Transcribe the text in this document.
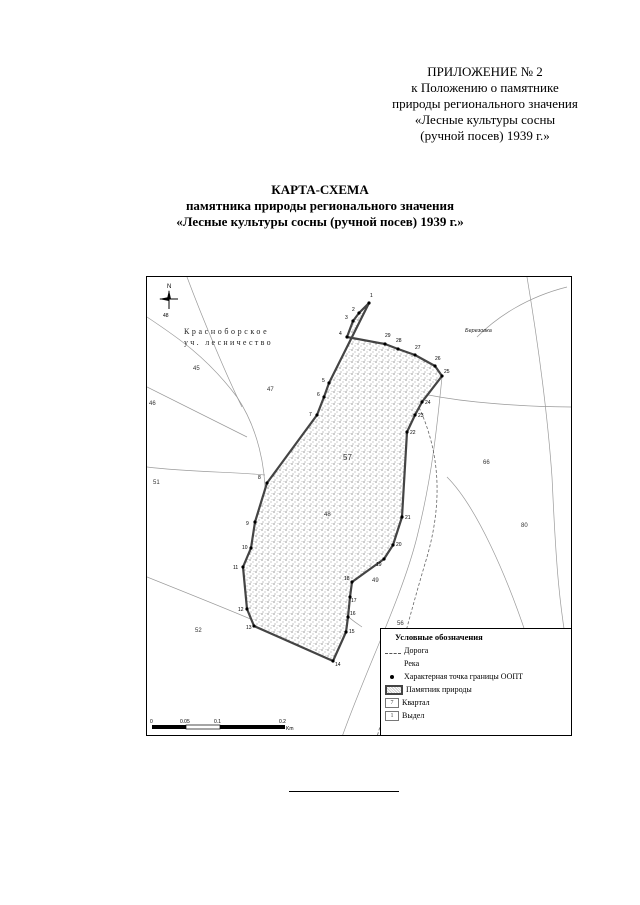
ПРИЛОЖЕНИЕ № 2
к Положению о памятнике
природы регионального значения
«Лесные культуры сосны
(ручной посев) 1939 г.»
КАРТА-СХЕМА
памятника природы регионального значения
«Лесные культуры сосны (ручной посев) 1939 г.»
1
2
3
4	29
28
27
26
25
24
23
22
21
20
19
18
17
16
15
14
13
12
11
10
9
8
7
6
5
45
47
57
48
51
52
49
66
80
56
46
Красноборское
уч. лесничество
Березовка
N
48
0	0.05	0.1	0.2
Km
Условные обозначения
Дорога
Река
Характерная точка границы ООПТ
Памятник природы
7	Квартал
1	Выдел
